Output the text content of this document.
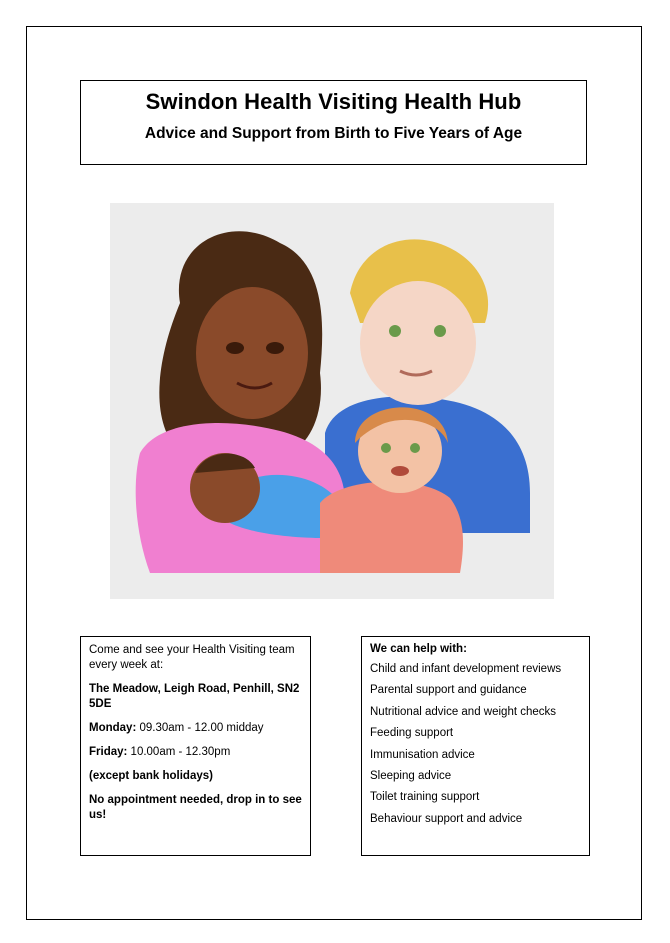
Swindon Health Visiting Health Hub
Advice and Support from Birth to Five Years of Age
Come and see your Health Visiting team every week at:
The Meadow, Leigh Road, Penhill, SN2 5DE
Monday: 09.30am - 12.00 midday
Friday: 10.00am - 12.30pm
(except bank holidays)
No appointment needed, drop in to see us!
We can help with:
Child and infant development reviews
Parental support and guidance
Nutritional advice and weight checks
Feeding support
Immunisation advice
Sleeping advice
Toilet training support
Behaviour support and advice
